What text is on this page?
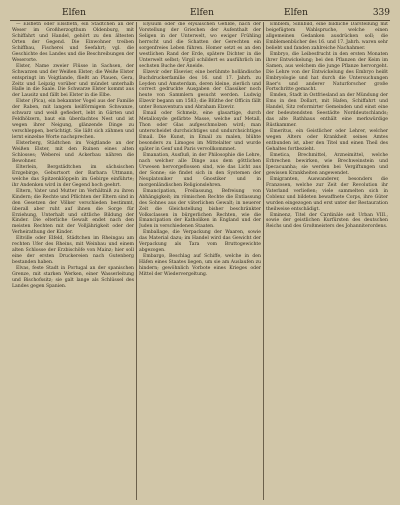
Elfen	Elfen	Elfen	339

— Elsfleth oder Elssfleth, ein Städtchen an der Weser im Großherzogthum Oldenburg, mit Schiffahrt und Handel, gehört zu den ältesten Orten der Gegend. Die Einwohner treiben Schiffbau, Fischerei und Seefahrt; vgl. die Geschichte des Landes und die Beschreibungen der Weserorte.

Elster, Name zweier Flüsse in Sachsen, der Schwarzen und der Weißen Elster; die Weiße Elster entspringt im Voigtlande, fließt an Plauen, Gera, Zeitz und Leipzig vorüber und mündet unterhalb Halle in die Saale. Die Schwarze Elster kommt aus der Lausitz und fällt bei Elster in die Elbe.

Elster (Pica), ein bekannter Vogel aus der Familie der Raben, mit langem keilförmigem Schwanze, schwarz und weiß gefiedert, lebt in Gärten und Feldhölzern, baut ein überdachtes Nest und ist wegen ihrer Neigung, glänzende Dinge zu verschleppen, berüchtigt. Sie läßt sich zähmen und lernt einzelne Worte nachsprechen.

Elsterberg, Städtchen im Voigtlande an der Weißen Elster, mit den Ruinen eines alten Schlosses; Weberei und Ackerbau nähren die Bewohner.

Elterlein, Bergstädtchen im sächsischen Erzgebirge, Geburtsort der Barbara Uttmann, welche das Spitzenklöppeln im Gebirge einführte; ihr Andenken wird in der Gegend hoch geehrt.

Eltern, Vater und Mutter im Verhältniß zu ihren Kindern; die Rechte und Pflichten der Eltern sind in den Gesetzen der Völker verschieden bestimmt, überall aber ruht auf ihnen die Sorge für Erziehung, Unterhalt und sittliche Bildung der Kinder. Die elterliche Gewalt endet nach den meisten Rechten mit der Volljährigkeit oder der Verheirathung der Kinder.

Eltville oder Elfeld, Städtchen im Rheingau am rechten Ufer des Rheins, mit Weinbau und einem alten Schlosse der Erzbischöfe von Mainz; hier soll eine der ersten Druckereien nach Gutenberg bestanden haben.

Elvas, feste Stadt in Portugal an der spanischen Grenze, mit starken Werken, einer Wasserleitung und Bischofssitz; sie galt lange als Schlüssel des Landes gegen Spanien.

Elysium oder die elysäischen Gefilde, nach der Vorstellung der Griechen der Aufenthalt der Seligen in der Unterwelt, wo ewiger Frühling herrscht und die Schatten der Gerechten ein sorgenfreies Leben führen. Homer setzt es an den westlichen Rand der Erde, spätere Dichter in die Unterwelt selbst; Virgil schildert es ausführlich im sechsten Buche der Äneide.

Elzevir oder Elsevier, eine berühmte holländische Buchdruckerfamilie des 16. und 17. Jahrh. zu Leyden und Amsterdam, deren kleine, zierlich und correct gedruckte Ausgaben der Classiker noch heute von Sammlern gesucht werden. Ludwig Elzevir begann um 1583; die Blüthe der Officin fällt unter Bonaventura und Abraham Elzevir.

Email oder Schmelz, eine glasartige, durch Metalloxyde gefärbte Masse, welche auf Metall, Thon oder Glas aufgeschmolzen wird; man unterscheidet durchsichtiges und undurchsichtiges Email. Die Kunst, in Email zu malen, blühte besonders zu Limoges im Mittelalter und wurde später in Genf und Paris vervollkommnet.

Emanation, Ausfluß, in der Philosophie die Lehre, nach welcher alle Dinge aus dem göttlichen Urwesen hervorgeflossen sind, wie das Licht aus der Sonne; sie findet sich in den Systemen der Neuplatoniker und Gnostiker und in morgenländischen Religionslehren.

Emancipation, Freilassung, Befreiung von Abhängigkeit; im römischen Rechte die Entlassung des Sohnes aus der väterlichen Gewalt; in neuerer Zeit die Gleichstellung bisher beschränkter Volksclassen in bürgerlichen Rechten, wie die Emancipation der Katholiken in England und der Juden in verschiedenen Staaten.

Emballage, die Verpackung der Waaren, sowie das Material dazu; im Handel wird das Gewicht der Verpackung als Tara vom Bruttogewichte abgezogen.

Embargo, Beschlag auf Schiffe, welche in den Häfen eines Staates liegen, um sie am Auslaufen zu hindern; gewöhnlich Vorbote eines Krieges oder Mittel der Wiedervergeltung.

Emblem, Sinnbild, eine bildliche Darstellung mit beigefügtem Wahlspruche, welche einen allgemeinen Gedanken ausdrücken soll; die Emblemenbücher des 16. und 17. Jahrh. waren sehr beliebt und fanden zahlreiche Nachahmer.

Embryo, die Leibesfrucht in den ersten Monaten ihrer Entwickelung; bei den Pflanzen der Keim im Samen, aus welchem die junge Pflanze hervorgeht. Die Lehre von der Entwickelung des Embryo heißt Embryologie und hat durch die Untersuchungen Baer's und anderer Naturforscher große Fortschritte gemacht.

Emden, Stadt in Ostfriesland an der Mündung der Ems in den Dollart, mit Hafen, Schiffahrt und Handel, Sitz reformirter Gemeinden und einst eine der bedeutendsten Seestädte Norddeutschlands; das alte Rathhaus enthält eine merkwürdige Rüstkammer.

Emeritus, ein Geistlicher oder Lehrer, welcher wegen Alters oder Krankheit seines Amtes entbunden ist, aber den Titel und einen Theil des Gehaltes fortbezieht.

Emetica, Brechmittel, Arzneimittel, welche Erbrechen bewirken, wie Brechweinstein und Ipecacuanha; sie werden bei Vergiftungen und gewissen Krankheiten angewendet.

Emigranten, Auswanderer, besonders die Franzosen, welche zur Zeit der Revolution ihr Vaterland verließen; viele sammelten sich in Coblenz und bildeten bewaffnete Corps, ihre Güter wurden eingezogen und erst unter der Restauration theilweise entschädigt.

Eminenz, Titel der Cardinäle seit Urban VIII., sowie der geistlichen Kurfürsten des deutschen Reichs und des Großmeisters des Johanniterordens.
